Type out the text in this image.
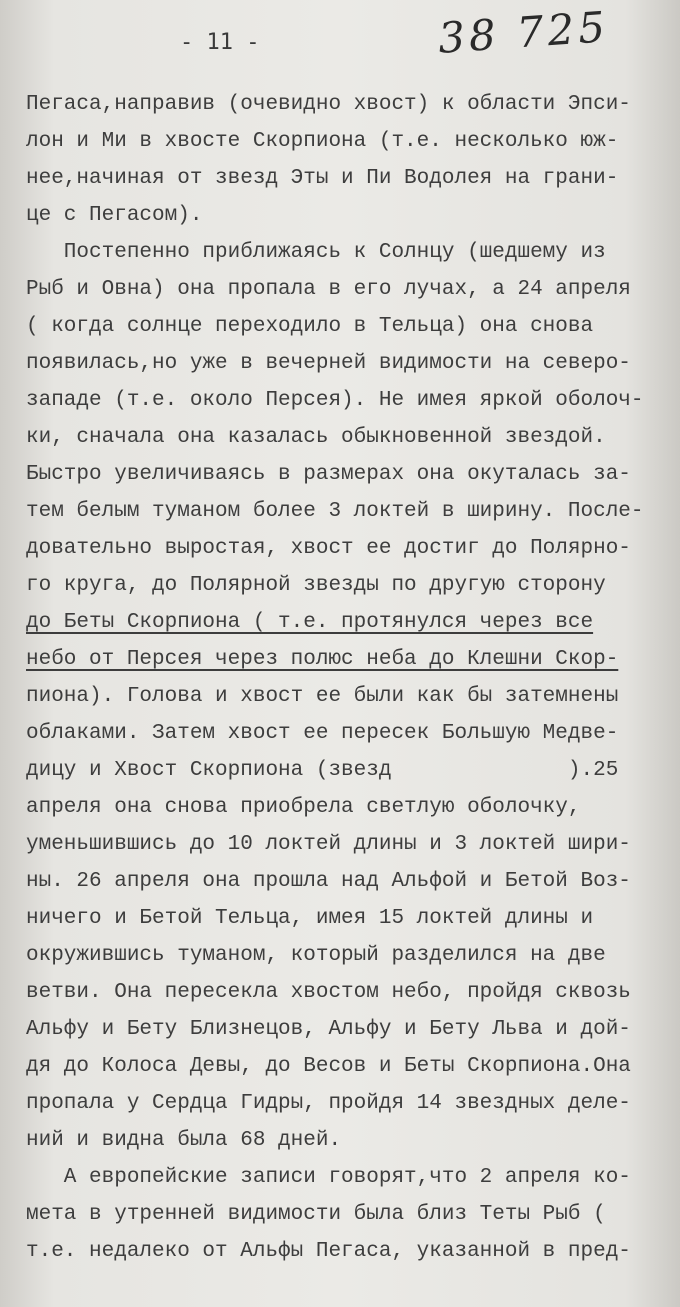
- 11 -	38 725
Пегаса,направив (очевидно хвост) к области Эпси-
лон и Ми в хвосте Скорпиона (т.е. несколько юж-
нее,начиная от звезд Эты и Пи Водолея на грани-
це с Пегасом).
Постепенно приближаясь к Солнцу (шедшему из
Рыб и Овна) она пропала в его лучах, а 24 апреля
( когда солнце переходило в Тельца) она снова
появилась,но уже в вечерней видимости на северо-
западе (т.е. около Персея). Не имея яркой оболоч-
ки, сначала она казалась обыкновенной звездой.
Быстро увеличиваясь в размерах она окуталась за-
тем белым туманом более 3 локтей в ширину. После-
довательно выростая, хвост ее достиг до Полярно-
го круга, до Полярной звезды по другую сторону
до Беты Скорпиона ( т.е. протянулся через все
небо от Персея через полюс неба до Клешни Скор-
пиона). Голова и хвост ее были как бы затемнены
облаками. Затем хвост ее пересек Большую Медве-
дицу и Хвост Скорпиона (звезд              ).25
апреля она снова приобрела светлую оболочку,
уменьшившись до 10 локтей длины и 3 локтей шири-
ны. 26 апреля она прошла над Альфой и Бетой Воз-
ничего и Бетой Тельца, имея 15 локтей длины и
окружившись туманом, который разделился на две
ветви. Она пересекла хвостом небо, пройдя сквозь
Альфу и Бету Близнецов, Альфу и Бету Льва и дой-
дя до Колоса Девы, до Весов и Беты Скорпиона.Она
пропала у Сердца Гидры, пройдя 14 звездных деле-
ний и видна была 68 дней.
А европейские записи говорят,что 2 апреля ко-
мета в утренней видимости была близ Теты Рыб (
т.е. недалеко от Альфы Пегаса, указанной в пред-
